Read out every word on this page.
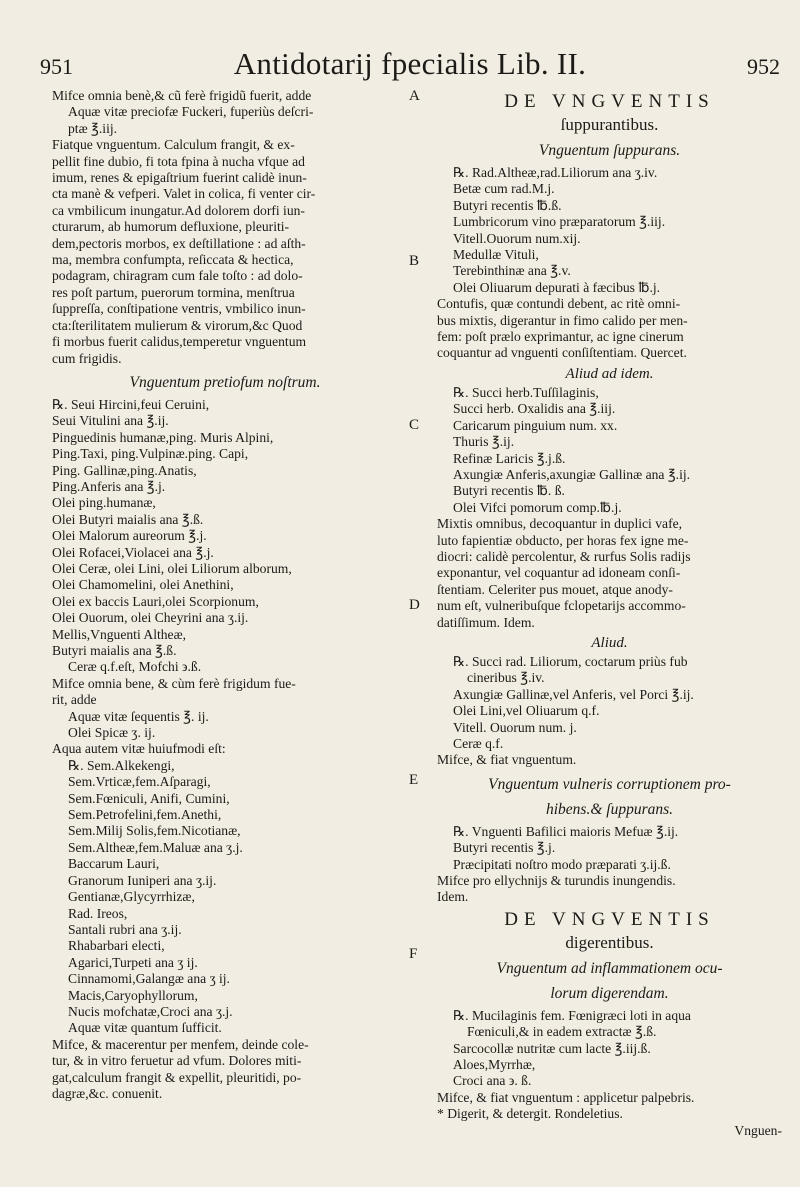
951	Antidotarij fpecialis Lib. II.	952
A
B
C
D
E
F

Mifce omnia benè,& cũ ferè frigidũ fuerit, adde

Aquæ vitæ preciofæ Fuckeri, fuperiùs deſcri-

ptæ ℥.iij.

Fiatque vnguentum. Calculum frangit, & ex-

pellit fine dubio, fi tota fpina à nucha vfque ad

imum, renes & epigaſtrium fuerint calidè inun-

cta manè & vefperi. Valet in colica, fi venter cir-

ca vmbilicum inungatur.Ad dolorem dorfi iun-

cturarum, ab humorum defluxione, pleuriti-

dem,pectoris morbos, ex deſtillatione : ad aſth-

ma, membra confumpta, reſiccata & hectica,

podagram, chiragram cum fale toſto : ad dolo-

res poſt partum, puerorum tormina, menſtrua

ſuppreſſa, conſtipatione ventris, vmbilico inun-

cta:ſterilitatem mulierum & virorum,&c Quod

fi morbus fuerit calidus,temperetur vnguentum

cum frigidis.

Vnguentum pretiofum noſtrum.

℞. Seui Hircini,feui Ceruini,

Seui Vitulini ana ℥.ij.

Pinguedinis humanæ,ping. Muris Alpini,

Ping.Taxi, ping.Vulpinæ.ping. Capi,

Ping. Gallinæ,ping.Anatis,

Ping.Anferis ana ℥.j.

Olei ping.humanæ,

Olei Butyri maialis ana ℥.ß.

Olei Malorum aureorum ℥.j.

Olei Rofacei,Violacei ana ℥.j.

Olei Ceræ, olei Lini, olei Liliorum alborum,

Olei Chamomelini, olei Anethini,

Olei ex baccis Lauri,olei Scorpionum,

Olei Ouorum, olei Cheyrini ana ʒ.ij.

Mellis,Vnguenti Altheæ,

Butyri maialis ana ℥.ß.

Ceræ q.f.eſt, Mofchi ϶.ß.

Mifce omnia bene, & cùm ferè frigidum fue-

rit, adde

Aquæ vitæ ſequentis ℥. ij.

Olei Spicæ ʒ. ij.

Aqua autem vitæ huiufmodi eſt:

℞. Sem.Alkekengi,

Sem.Vrticæ,fem.Aſparagi,

Sem.Fœniculi, Anifi, Cumini,

Sem.Petrofelini,fem.Anethi,

Sem.Milij Solis,fem.Nicotianæ,

Sem.Altheæ,fem.Maluæ ana ʒ.j.

Baccarum Lauri,

Granorum Iuniperi ana ʒ.ij.

Gentianæ,Glycyrrhizæ,

Rad. Ireos,

Santali rubri ana ʒ.ij.

Rhabarbari electi,

Agarici,Turpeti ana ʒ ij.

Cinnamomi,Galangæ ana ʒ ij.

Macis,Caryophyllorum,

Nucis mofchatæ,Croci ana ʒ.j.

Aquæ vitæ quantum ſufficit.

Mifce, & macerentur per menfem, deinde cole-

tur, & in vitro feruetur ad vfum. Dolores miti-

gat,calculum frangit & expellit, pleuritidi, po-

dagræ,&c. conuenit.

DE VNGVENTIS

ſuppurantibus.

Vnguentum ſuppurans.

℞. Rad.Altheæ,rad.Liliorum ana ʒ.iv.

Betæ cum rad.M.j.

Butyri recentis ℔.ß.

Lumbricorum vino præparatorum ℥.iij.

Vitell.Ouorum num.xij.

Medullæ Vituli,

Terebinthinæ ana ℥.v.

Olei Oliuarum depurati à fæcibus ℔.j.

Contufis, quæ contundi debent, ac ritè omni-

bus mixtis, digerantur in fimo calido per men-

fem: poſt prælo exprimantur, ac igne cinerum

coquantur ad vnguenti conſiſtentiam. Quercet.

Aliud ad idem.

℞. Succi herb.Tuſſilaginis,

Succi herb. Oxalidis ana ℥.iij.

Caricarum pinguium num. xx.

Thuris ℥.ij.

Refinæ Laricis ℥.j.ß.

Axungiæ Anferis,axungiæ Gallinæ ana ℥.ij.

Butyri recentis ℔. ß.

Olei Vifci pomorum comp.℔.j.

Mixtis omnibus, decoquantur in duplici vafe,

luto fapientiæ obducto, per horas fex igne me-

diocri: calidè percolentur, & rurfus Solis radijs

exponantur, vel coquantur ad idoneam conſi-

ſtentiam. Celeriter pus mouet, atque anody-

num eſt, vulneribuſque fclopetarijs accommo-

datiſſimum. Idem.

Aliud.

℞. Succi rad. Liliorum, coctarum priùs fub

cineribus ℥.iv.

Axungiæ Gallinæ,vel Anferis, vel Porci ℥.ij.

Olei Lini,vel Oliuarum q.f.

Vitell. Ouorum num. j.

Ceræ q.f.

Mifce, & fiat vnguentum.

Vnguentum vulneris corruptionem pro-

hibens.& ſuppurans.

℞. Vnguenti Bafilici maioris Mefuæ ℥.ij.

Butyri recentis ℥.j.

Præcipitati noſtro modo præparati ʒ.ij.ß.

Mifce pro ellychnijs & turundis inungendis.

Idem.

DE VNGVENTIS

digerentibus.

Vnguentum ad inflammationem ocu-

lorum digerendam.

℞. Mucilaginis fem. Fœnigræci loti in aqua

Fœniculi,& in eadem extractæ ℥.ß.

Sarcocollæ nutritæ cum lacte ℥.iij.ß.

Aloes,Myrrhæ,

Croci ana ϶. ß.

Mifce, & fiat vnguentum : applicetur palpebris.

* Digerit, & detergit. Rondeletius.

Vnguen-
